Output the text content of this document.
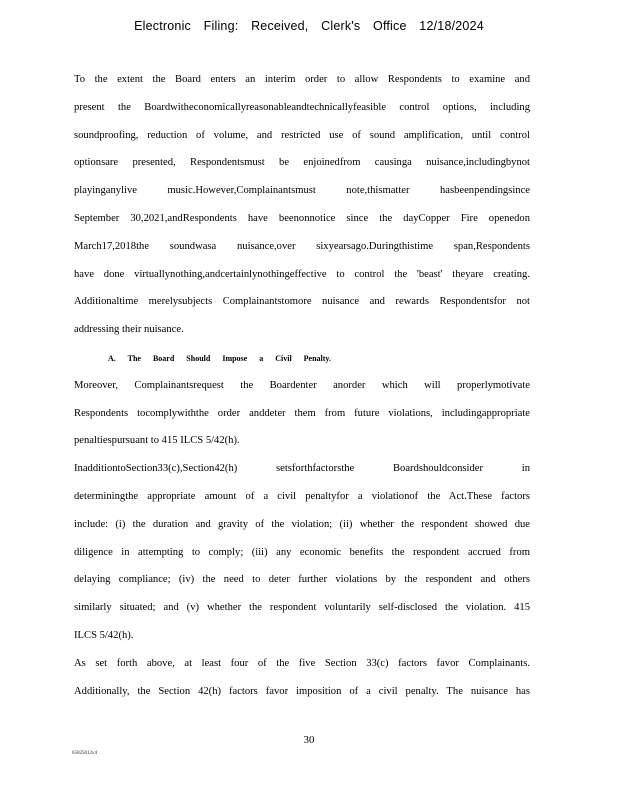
Electronic Filing: Received, Clerk's Office 12/18/2024
To the extent the Board enters an interim order to allow Respondents to examine and
present the Boardwitheconomicallyreasonableandtechnicallyfeasible control options, including
soundproofing, reduction of volume, and restricted use of sound amplification, until control
optionsare presented, Respondentsmust be enjoinedfrom causinga nuisance,includingbynot
playinganylive music.However,Complainantsmust note,thismatter hasbeenpendingsince
September 30,2021,andRespondents have beenonnotice since the dayCopper Fire openedon
March17,2018the soundwasa nuisance,over sixyearsago.Duringthistime span,Respondents
have done virtuallynothing,andcertainlynothingeffective to control the 'beast' theyare creating.
Additionaltime merelysubjects Complainantstomore nuisance and rewards Respondentsfor not
addressing their nuisance.
A. The Board Should Impose a Civil Penalty.
Moreover, Complainantsrequest the Boardenter anorder which will properlymotivate
Respondents tocomplywiththe order anddeter them from future violations, includingappropriate
penaltiespursuant to 415 ILCS 5/42(h).
InadditiontoSection33(c),Section42(h) setsforthfactorsthe Boardshouldconsider in
determiningthe appropriate amount of a civil penaltyfor a violationof the Act.These factors
include: (i) the duration and gravity of the violation; (ii) whether the respondent showed due
diligence in attempting to comply; (iii) any economic benefits the respondent accrued from
delaying compliance; (iv) the need to deter further violations by the respondent and others
similarly situated; and (v) whether the respondent voluntarily self-disclosed the violation. 415
ILCS 5/42(h).
As set forth above, at least four of the five Section 33(c) factors favor Complainants.
Additionally, the Section 42(h) factors favor imposition of a civil penalty. The nuisance has
30
65025012v4
